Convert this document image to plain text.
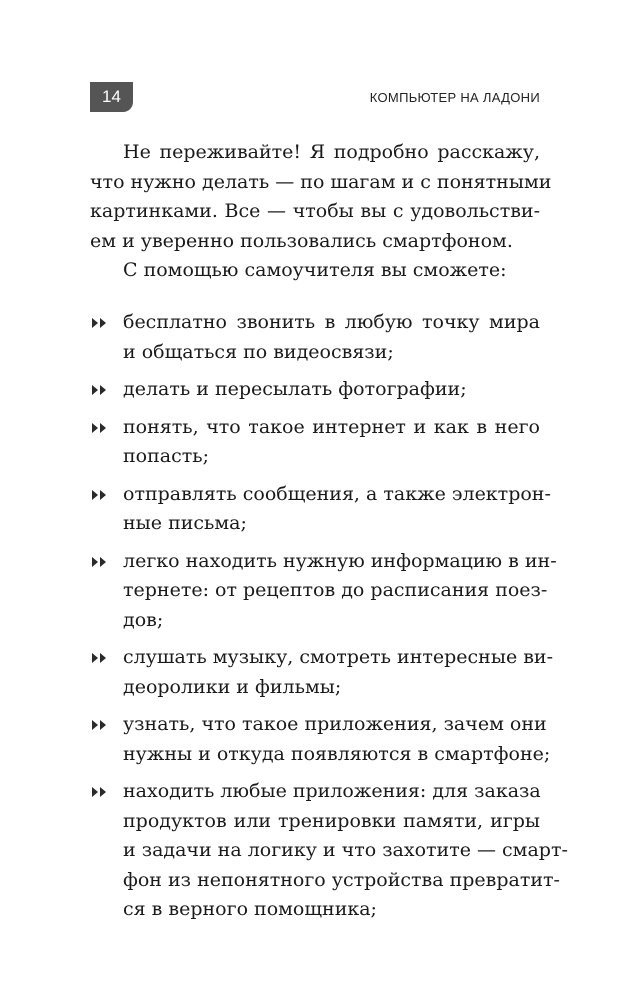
14	КОМПЬЮТЕР НА ЛАДОНИ
Не переживайте! Я подробно расскажу,
что нужно делать — по шагам и с понятными
картинками. Все — чтобы вы с удовольстви-
ем и уверенно пользовались смартфоном.
С помощью самоучителя вы сможете:
бесплатно звонить в любую точку мира
и общаться по видеосвязи;
делать и пересылать фотографии;
понять, что такое интернет и как в него
попасть;
отправлять сообщения, а также электрон-
ные письма;
легко находить нужную информацию в ин-
тернете: от рецептов до расписания поез-
дов;
слушать музыку, смотреть интересные ви-
деоролики и фильмы;
узнать, что такое приложения, зачем они
нужны и откуда появляются в смартфоне;
находить любые приложения: для заказа
продуктов или тренировки памяти, игры
и задачи на логику и что захотите — смарт-
фон из непонятного устройства превратит-
ся в верного помощника;
